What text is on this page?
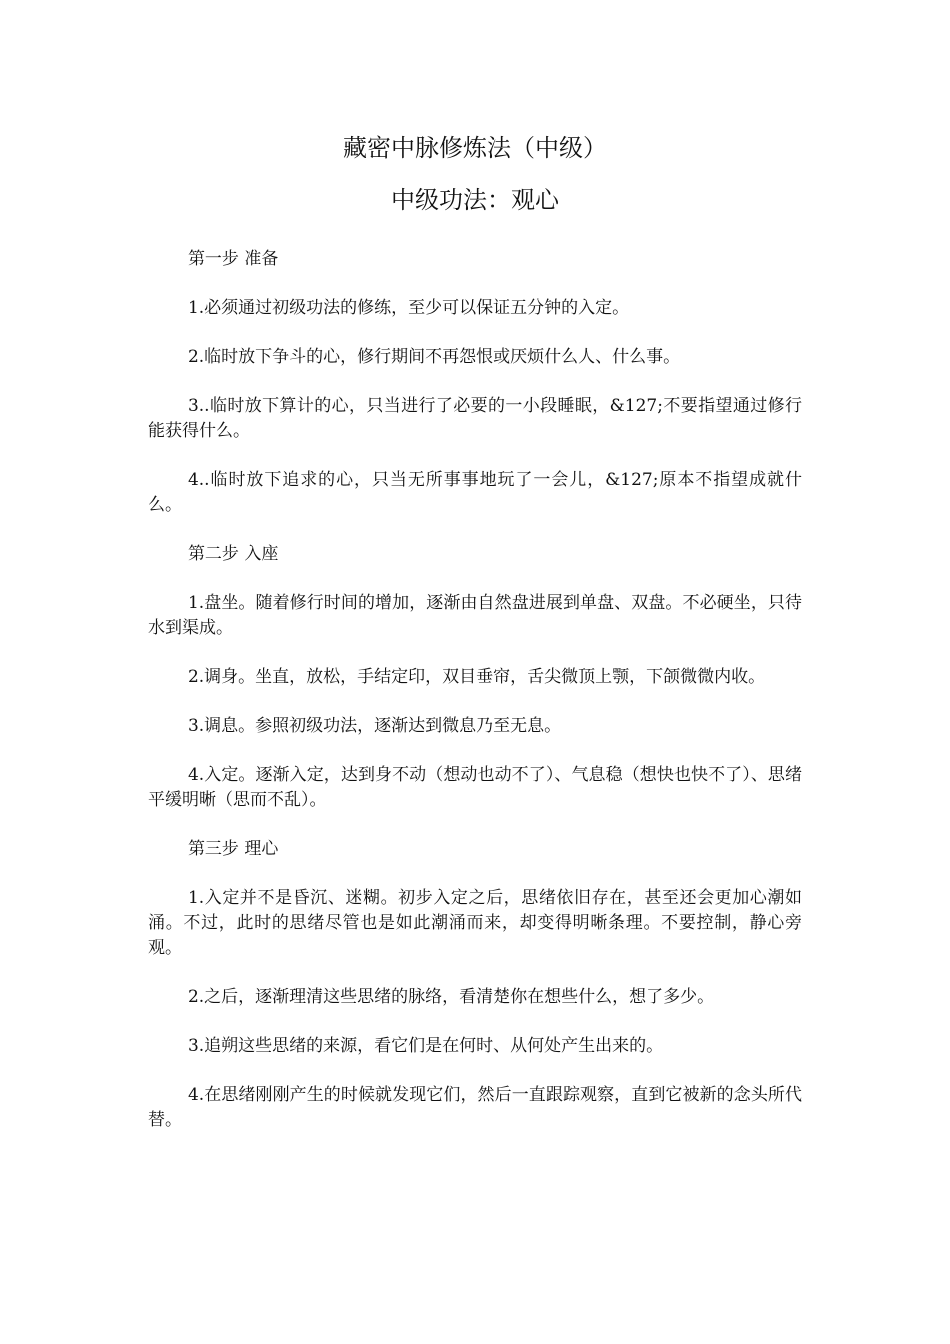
藏密中脉修炼法（中级）
中级功法：观心

第一步 准备

1.必须通过初级功法的修练，至少可以保证五分钟的入定。

2.临时放下争斗的心，修行期间不再怨恨或厌烦什么人、什么事。

3..临时放下算计的心，只当进行了必要的一小段睡眠，&127;不要指望通过修行能获得什么。

4..临时放下追求的心，只当无所事事地玩了一会儿，&127;原本不指望成就什么。

第二步 入座

1.盘坐。随着修行时间的增加，逐渐由自然盘进展到单盘、双盘。不必硬坐，只待水到渠成。

2.调身。坐直，放松，手结定印，双目垂帘，舌尖微顶上颚，下颌微微内收。

3.调息。参照初级功法，逐渐达到微息乃至无息。

4.入定。逐渐入定，达到身不动（想动也动不了）、气息稳（想快也快不了）、思绪平缓明晰（思而不乱）。

第三步 理心

1.入定并不是昏沉、迷糊。初步入定之后，思绪依旧存在，甚至还会更加心潮如涌。不过，此时的思绪尽管也是如此潮涌而来，却变得明晰条理。不要控制，静心旁观。

2.之后，逐渐理清这些思绪的脉络，看清楚你在想些什么，想了多少。

3.追朔这些思绪的来源，看它们是在何时、从何处产生出来的。

4.在思绪刚刚产生的时候就发现它们，然后一直跟踪观察，直到它被新的念头所代替。
